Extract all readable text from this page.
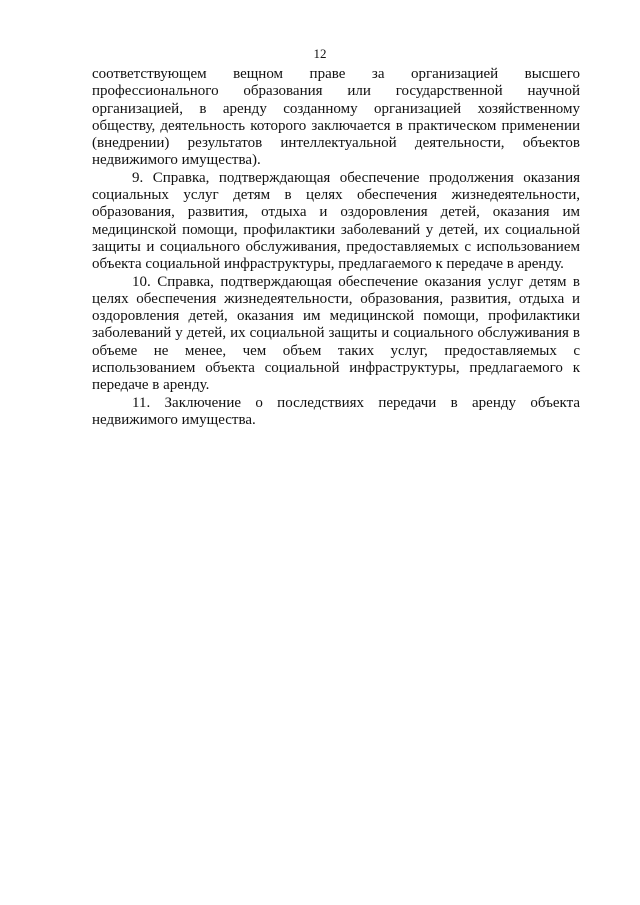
12

соответствующем вещном праве за организацией высшего профессионального образования или государственной научной организацией, в аренду созданному организацией хозяйственному обществу, деятельность которого заключается в практическом применении (внедрении) результатов интеллектуальной деятельности, объектов недвижимого имущества).

9. Справка, подтверждающая обеспечение продолжения оказания социальных услуг детям в целях обеспечения жизнедеятельности, образования, развития, отдыха и оздоровления детей, оказания им медицинской помощи, профилактики заболеваний у детей, их социальной защиты и социального обслуживания, предоставляемых с использованием объекта социальной инфраструктуры, предлагаемого к передаче в аренду.

10. Справка, подтверждающая обеспечение оказания услуг детям в целях обеспечения жизнедеятельности, образования, развития, отдыха и оздоровления детей, оказания им медицинской помощи, профилактики заболеваний у детей, их социальной защиты и социального обслуживания в объеме не менее, чем объем таких услуг, предоставляемых с использованием объекта социальной инфраструктуры, предлагаемого к передаче в аренду.

11. Заключение о последствиях передачи в аренду объекта недвижимого имущества.
